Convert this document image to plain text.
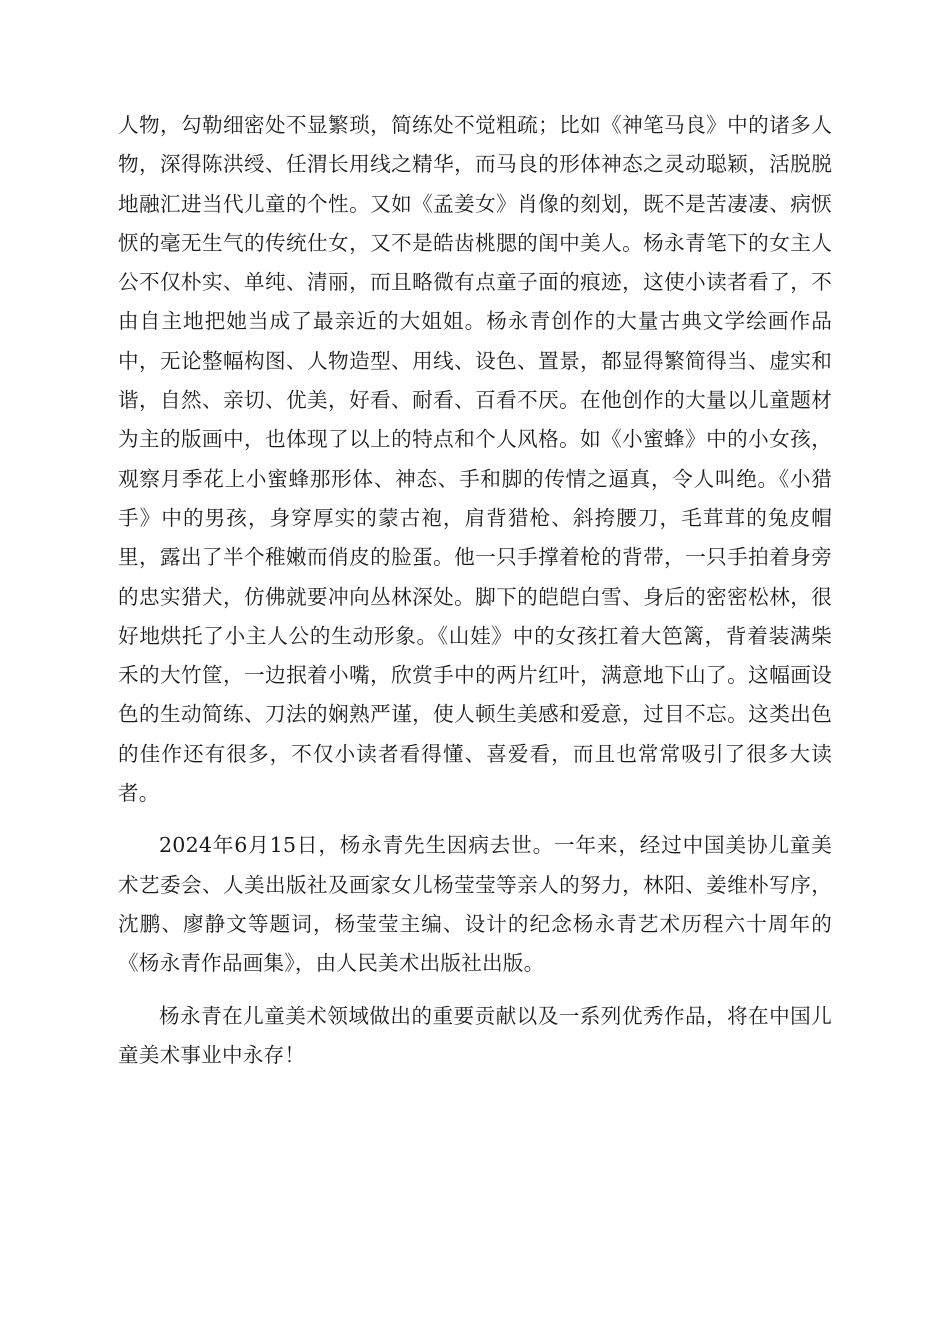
人物，勾勒细密处不显繁琐，简练处不觉粗疏；比如《神笔马良》中的诸多人物，深得陈洪绶、任渭长用线之精华，而马良的形体神态之灵动聪颖，活脱脱地融汇进当代儿童的个性。又如《孟姜女》肖像的刻划，既不是苦凄凄、病恹恹的毫无生气的传统仕女，又不是皓齿桃腮的闺中美人。杨永青笔下的女主人公不仅朴实、单纯、清丽，而且略微有点童子面的痕迹，这使小读者看了，不由自主地把她当成了最亲近的大姐姐。杨永青创作的大量古典文学绘画作品中，无论整幅构图、人物造型、用线、设色、置景，都显得繁简得当、虚实和谐，自然、亲切、优美，好看、耐看、百看不厌。在他创作的大量以儿童题材为主的版画中，也体现了以上的特点和个人风格。如《小蜜蜂》中的小女孩，观察月季花上小蜜蜂那形体、神态、手和脚的传情之逼真，令人叫绝。《小猎手》中的男孩，身穿厚实的蒙古袍，肩背猎枪、斜挎腰刀，毛茸茸的兔皮帽里，露出了半个稚嫩而俏皮的脸蛋。他一只手撑着枪的背带，一只手拍着身旁的忠实猎犬，仿佛就要冲向丛林深处。脚下的皑皑白雪、身后的密密松林，很好地烘托了小主人公的生动形象。《山娃》中的女孩扛着大笆篱，背着装满柴禾的大竹筐，一边抿着小嘴，欣赏手中的两片红叶，满意地下山了。这幅画设色的生动简练、刀法的娴熟严谨，使人顿生美感和爱意，过目不忘。这类出色的佳作还有很多，不仅小读者看得懂、喜爱看，而且也常常吸引了很多大读者。

2024年6月15日，杨永青先生因病去世。一年来，经过中国美协儿童美术艺委会、人美出版社及画家女儿杨莹莹等亲人的努力，林阳、姜维朴写序，沈鹏、廖静文等题词，杨莹莹主编、设计的纪念杨永青艺术历程六十周年的《杨永青作品画集》，由人民美术出版社出版。

杨永青在儿童美术领域做出的重要贡献以及一系列优秀作品，将在中国儿童美术事业中永存！
